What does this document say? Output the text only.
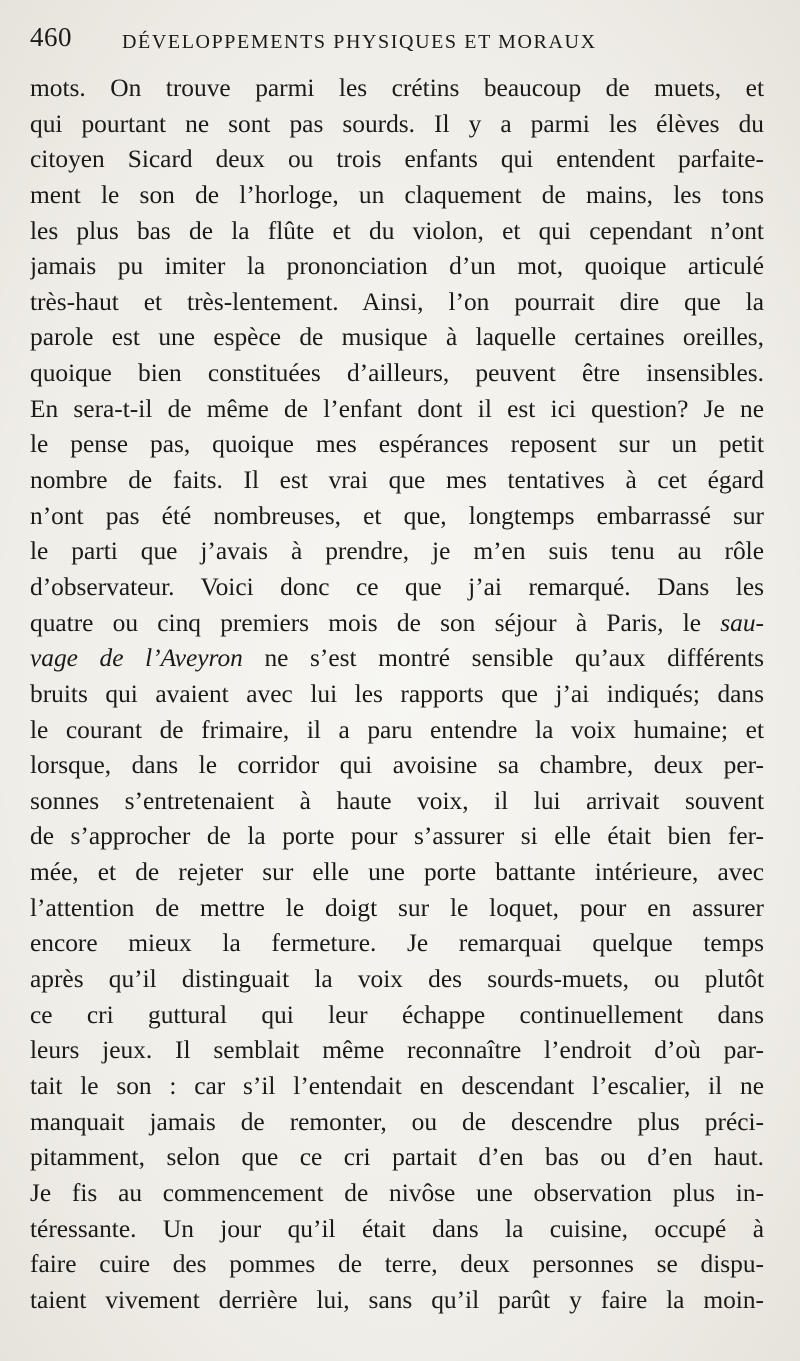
460	DÉVELOPPEMENTS PHYSIQUES ET MORAUX
mots. On trouve parmi les crétins beaucoup de muets, et
qui pourtant ne sont pas sourds. Il y a parmi les élèves du
citoyen Sicard deux ou trois enfants qui entendent parfaite-
ment le son de l’horloge, un claquement de mains, les tons
les plus bas de la flûte et du violon, et qui cependant n’ont
jamais pu imiter la prononciation d’un mot, quoique articulé
très-haut et très-lentement. Ainsi, l’on pourrait dire que la
parole est une espèce de musique à laquelle certaines oreilles,
quoique bien constituées d’ailleurs, peuvent être insensibles.
En sera-t-il de même de l’enfant dont il est ici question? Je ne
le pense pas, quoique mes espérances reposent sur un petit
nombre de faits. Il est vrai que mes tentatives à cet égard
n’ont pas été nombreuses, et que, longtemps embarrassé sur
le parti que j’avais à prendre, je m’en suis tenu au rôle
d’observateur. Voici donc ce que j’ai remarqué. Dans les
quatre ou cinq premiers mois de son séjour à Paris, le sau-
vage de l’Aveyron ne s’est montré sensible qu’aux différents
bruits qui avaient avec lui les rapports que j’ai indiqués; dans
le courant de frimaire, il a paru entendre la voix humaine; et
lorsque, dans le corridor qui avoisine sa chambre, deux per-
sonnes s’entretenaient à haute voix, il lui arrivait souvent
de s’approcher de la porte pour s’assurer si elle était bien fer-
mée, et de rejeter sur elle une porte battante intérieure, avec
l’attention de mettre le doigt sur le loquet, pour en assurer
encore mieux la fermeture. Je remarquai quelque temps
après qu’il distinguait la voix des sourds-muets, ou plutôt
ce cri guttural qui leur échappe continuellement dans
leurs jeux. Il semblait même reconnaître l’endroit d’où par-
tait le son : car s’il l’entendait en descendant l’escalier, il ne
manquait jamais de remonter, ou de descendre plus préci-
pitamment, selon que ce cri partait d’en bas ou d’en haut.
Je fis au commencement de nivôse une observation plus in-
téressante. Un jour qu’il était dans la cuisine, occupé à
faire cuire des pommes de terre, deux personnes se dispu-
taient vivement derrière lui, sans qu’il parût y faire la moin-
